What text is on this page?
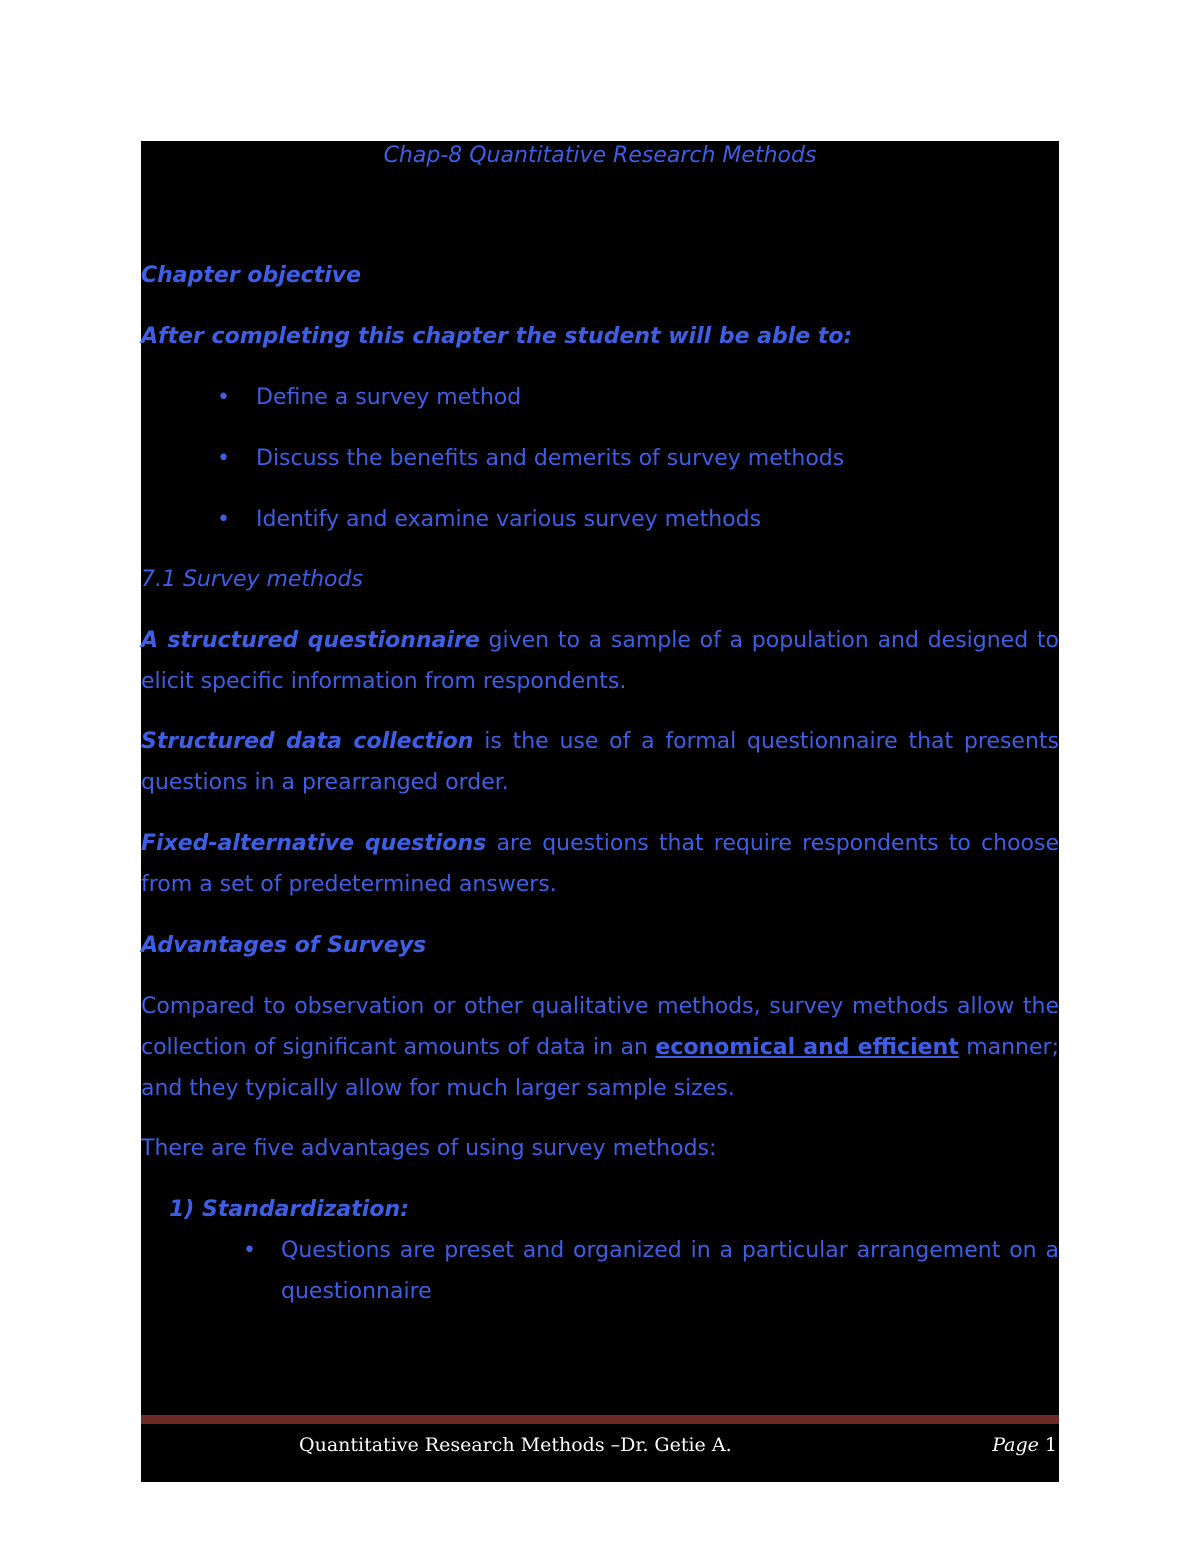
Chap-8 Quantitative Research Methods
Chapter objective
After completing this chapter the student will be able to:
• Define a survey method
• Discuss the benefits and demerits of survey methods
• Identify and examine various survey methods
7.1 Survey methods
A structured questionnaire given to a sample of a population and designed to elicit specific information from respondents.
Structured data collection is the use of a formal questionnaire that presents questions in a prearranged order.
Fixed-alternative questions are questions that require respondents to choose from a set of predetermined answers.
Advantages of Surveys
Compared to observation or other qualitative methods, survey methods allow the collection of significant amounts of data in an economical and efficient manner; and they typically allow for much larger sample sizes.
There are five advantages of using survey methods:
1) Standardization:
• Questions are preset and organized in a particular arrangement on a questionnaire
Quantitative Research Methods –Dr. Getie A.	Page 1
